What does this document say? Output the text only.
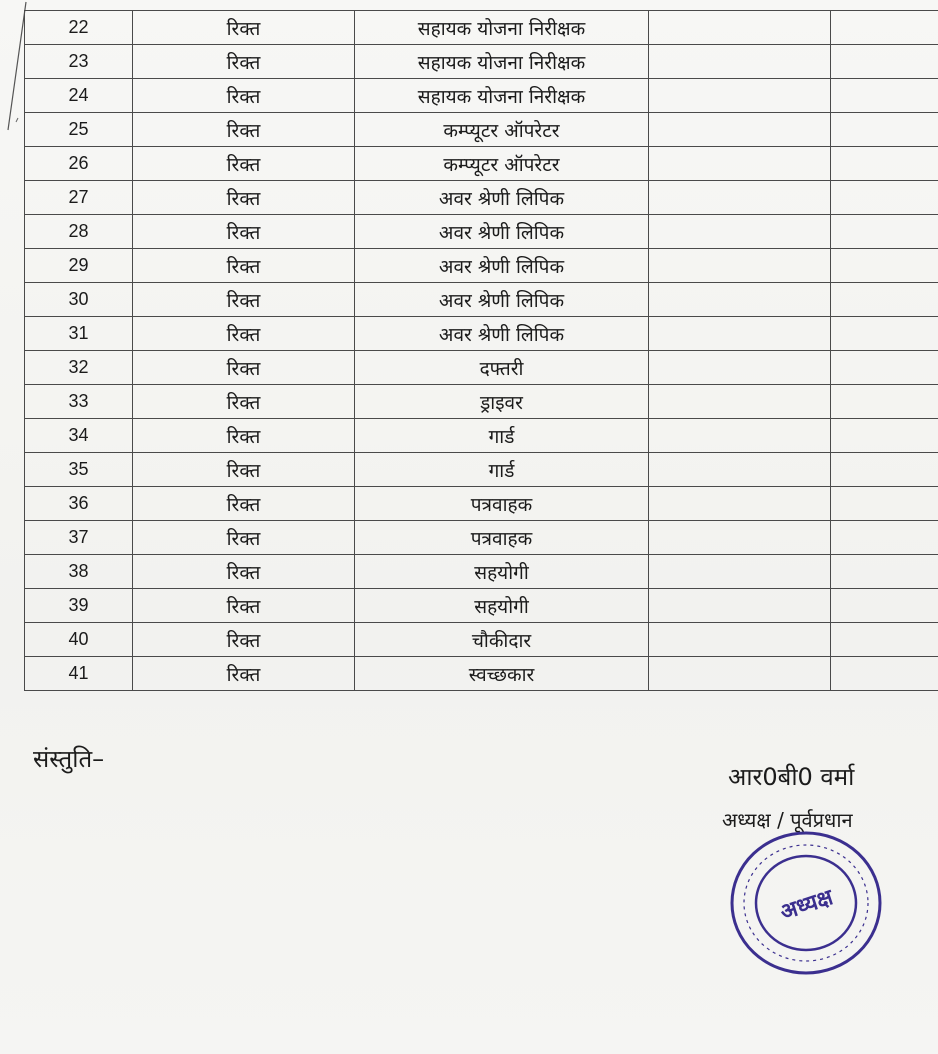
22	रिक्त	सहायक योजना निरीक्षक		
23	रिक्त	सहायक योजना निरीक्षक		
24	रिक्त	सहायक योजना निरीक्षक		
25	रिक्त	कम्प्यूटर ऑपरेटर		
26	रिक्त	कम्प्यूटर ऑपरेटर		
27	रिक्त	अवर श्रेणी लिपिक		
28	रिक्त	अवर श्रेणी लिपिक		
29	रिक्त	अवर श्रेणी लिपिक		
30	रिक्त	अवर श्रेणी लिपिक		
31	रिक्त	अवर श्रेणी लिपिक		
32	रिक्त	दफ्तरी		
33	रिक्त	ड्राइवर		
34	रिक्त	गार्ड		
35	रिक्त	गार्ड		
36	रिक्त	पत्रवाहक		
37	रिक्त	पत्रवाहक		
38	रिक्त	सहयोगी		
39	रिक्त	सहयोगी		
40	रिक्त	चौकीदार		
41	रिक्त	स्वच्छकार		
संस्तुति–
आर0बी0 वर्मा
अध्यक्ष / पूर्वप्रधान
अध्यक्ष
